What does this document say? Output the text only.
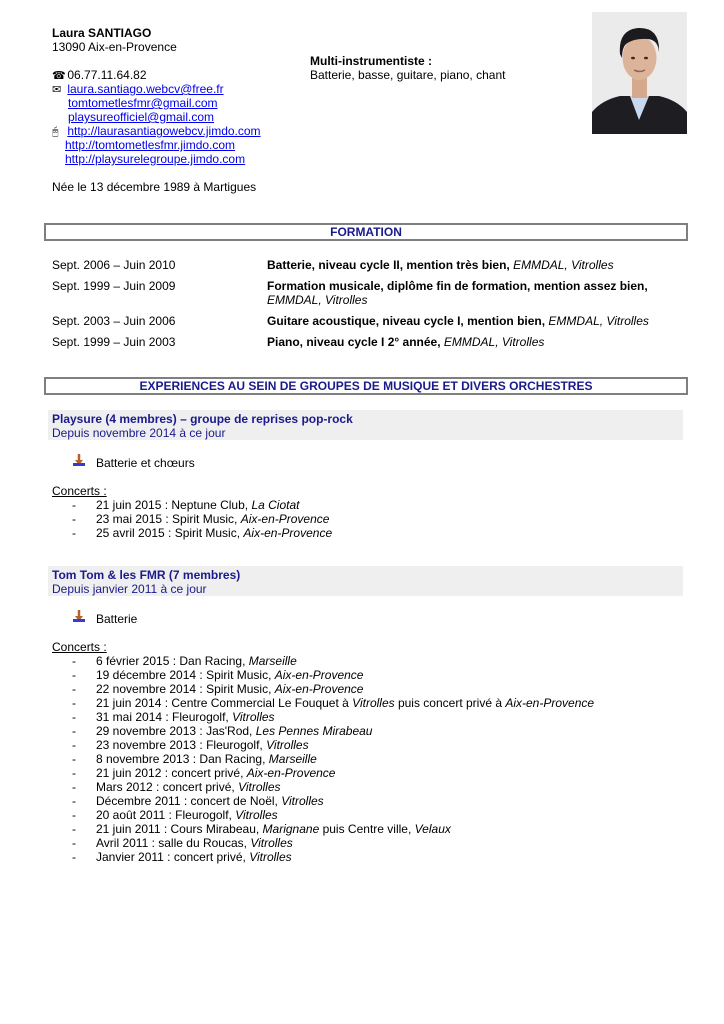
Laura SANTIAGO
13090 Aix-en-Provence
☎ 06.77.11.64.82
✉ laura.santiago.webcv@free.fr
tomtometlesfmr@gmail.com
playsureofficiel@gmail.com
🖰 http://laurasantiagowebcv.jimdo.com
http://tomtometlesfmr.jimdo.com
http://playsurelegroupe.jimdo.com
Née le 13 décembre 1989 à Martigues
Multi-instrumentiste :
Batterie, basse, guitare, piano, chant
FORMATION
Sept. 2006 – Juin 2010	Batterie, niveau cycle II, mention très bien, EMMDAL, Vitrolles
Sept. 1999 – Juin 2009	Formation musicale, diplôme fin de formation, mention assez bien,
EMMDAL, Vitrolles
Sept. 2003 – Juin 2006	Guitare acoustique, niveau cycle I, mention bien, EMMDAL, Vitrolles
Sept. 1999 – Juin 2003	Piano, niveau cycle I 2° année, EMMDAL, Vitrolles
EXPERIENCES AU SEIN DE GROUPES DE MUSIQUE ET DIVERS ORCHESTRES
Playsure (4 membres) – groupe de reprises pop-rock
Depuis novembre 2014 à ce jour
Batterie et chœurs
Concerts :
- 21 juin 2015 : Neptune Club, La Ciotat
- 23 mai 2015 : Spirit Music, Aix-en-Provence
- 25 avril 2015 : Spirit Music, Aix-en-Provence
Tom Tom & les FMR (7 membres)
Depuis janvier 2011 à ce jour
Batterie
Concerts :
- 6 février 2015 : Dan Racing, Marseille
- 19 décembre 2014 : Spirit Music, Aix-en-Provence
- 22 novembre 2014 : Spirit Music, Aix-en-Provence
- 21 juin 2014 : Centre Commercial Le Fouquet à Vitrolles puis concert privé à Aix-en-Provence
- 31 mai 2014 : Fleurogolf, Vitrolles
- 29 novembre 2013 : Jas'Rod, Les Pennes Mirabeau
- 23 novembre 2013 : Fleurogolf, Vitrolles
- 8 novembre 2013 : Dan Racing, Marseille
- 21 juin 2012 : concert privé, Aix-en-Provence
- Mars 2012 : concert privé, Vitrolles
- Décembre 2011 : concert de Noël, Vitrolles
- 20 août 2011 : Fleurogolf, Vitrolles
- 21 juin 2011 : Cours Mirabeau, Marignane puis Centre ville, Velaux
- Avril 2011 : salle du Roucas, Vitrolles
- Janvier 2011 : concert privé, Vitrolles
